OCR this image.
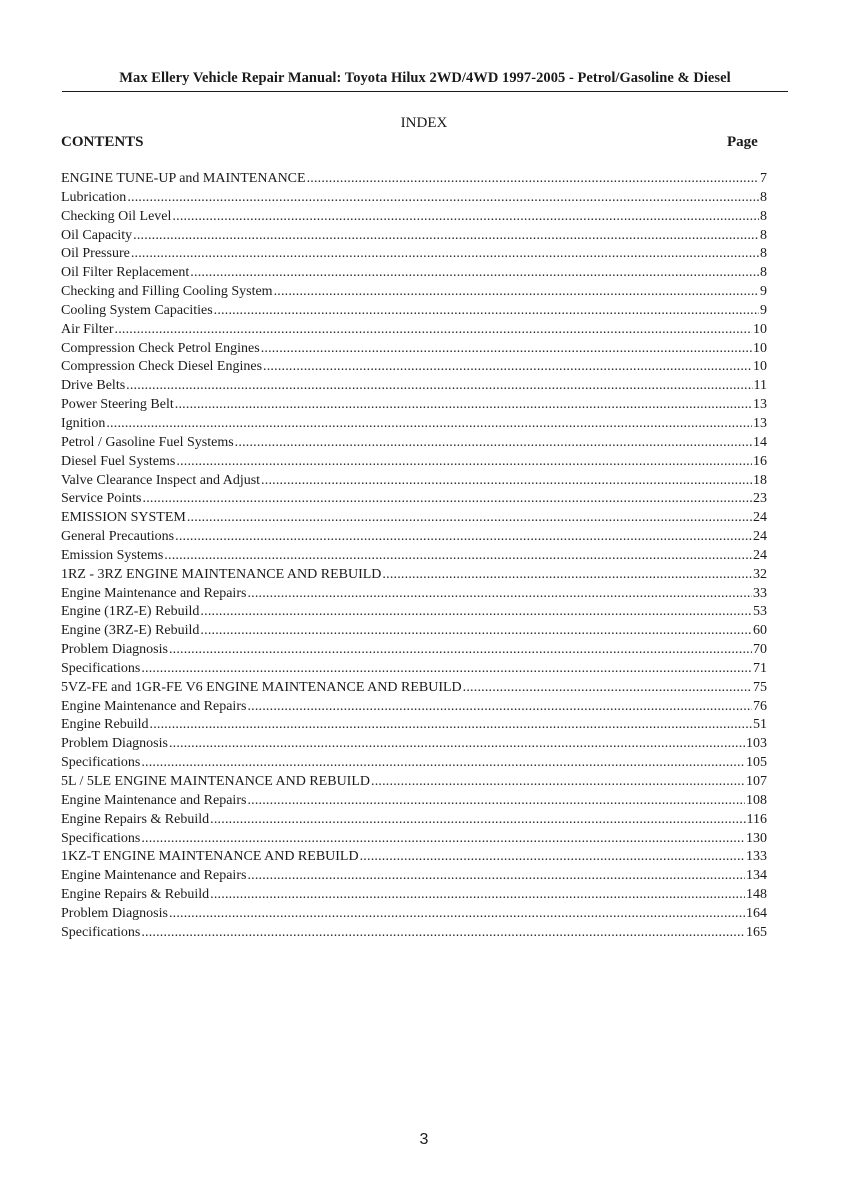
Max Ellery Vehicle Repair Manual: Toyota Hilux 2WD/4WD 1997-2005 - Petrol/Gasoline & Diesel
INDEX
CONTENTS	Page
ENGINE TUNE-UP and MAINTENANCE .....	7
Lubrication .....	8
Checking Oil Level .....	8
Oil Capacity .....	8
Oil Pressure .....	8
Oil Filter Replacement .....	8
Checking and Filling Cooling System .....	9
Cooling System Capacities .....	9
Air Filter .....	10
Compression Check Petrol Engines .....	10
Compression Check Diesel Engines .....	10
Drive Belts .....	11
Power Steering Belt .....	13
Ignition .....	13
Petrol / Gasoline Fuel Systems .....	14
Diesel Fuel Systems .....	16
Valve Clearance Inspect and Adjust .....	18
Service Points .....	23
EMISSION SYSTEM .....	24
General Precautions .....	24
Emission Systems .....	24
1RZ - 3RZ ENGINE MAINTENANCE AND REBUILD .....	32
Engine Maintenance and Repairs .....	33
Engine (1RZ-E) Rebuild .....	53
Engine (3RZ-E) Rebuild .....	60
Problem Diagnosis .....	70
Specifications .....	71
5VZ-FE and 1GR-FE V6 ENGINE MAINTENANCE AND REBUILD .....	75
Engine Maintenance and Repairs .....	76
Engine Rebuild .....	51
Problem Diagnosis .....	103
Specifications .....	105
5L / 5LE ENGINE MAINTENANCE AND REBUILD .....	107
Engine Maintenance and Repairs .....	108
Engine Repairs & Rebuild .....	116
Specifications .....	130
1KZ-T ENGINE MAINTENANCE AND REBUILD .....	133
Engine Maintenance and Repairs .....	134
Engine Repairs & Rebuild .....	148
Problem Diagnosis .....	164
Specifications .....	165
3
